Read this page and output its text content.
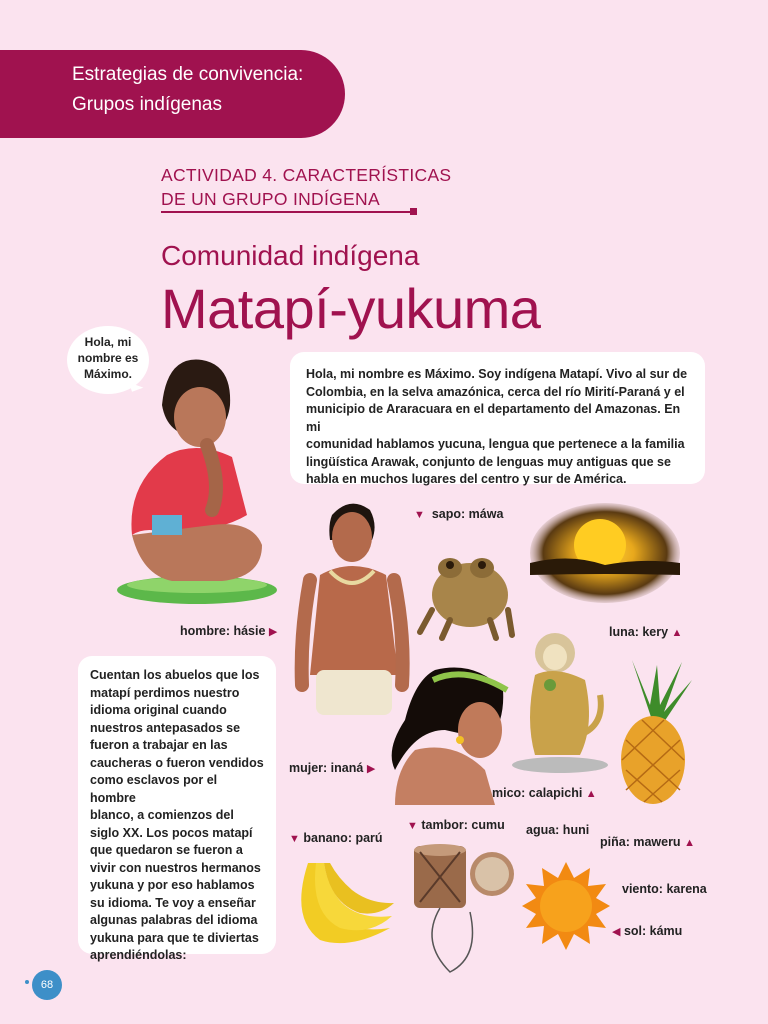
Estrategias de convivencia:
Grupos indígenas
ACTIVIDAD 4. CARACTERÍSTICAS
DE UN GRUPO INDÍGENA
Comunidad indígena
Matapí-yukuma
Hola, mi
nombre es
Máximo.	Hola, mi nombre es Máximo. Soy indígena Matapí. Vivo al sur de
Colombia, en la selva amazónica, cerca del río Mirití-Paraná y el
municipio de Araracuara en el departamento del Amazonas. En mi
comunidad hablamos yucuna, lengua que pertenece a la familia
lingüística Arawak, conjunto de lenguas muy antiguas que se
habla en muchos lugares del centro y sur de América.
▼ sapo: máwa
luna: kery ▲
hombre: hásie ▶
mujer: inaná ▶
mico: calapichi ▲
▼ tambor: cumu agua: huni
piña: maweru ▲
▼ banano: parú
viento: karena
◀ sol: kámu
Cuentan los abuelos que los
matapí perdimos nuestro
idioma original cuando
nuestros antepasados se
fueron a trabajar en las
caucheras o fueron vendidos
como esclavos por el hombre
blanco, a comienzos del
siglo XX. Los pocos matapí
que quedaron se fueron a
vivir con nuestros hermanos
yukuna y por eso hablamos
su idioma. Te voy a enseñar
algunas palabras del idioma
yukuna para que te diviertas
aprendiéndolas:
68
